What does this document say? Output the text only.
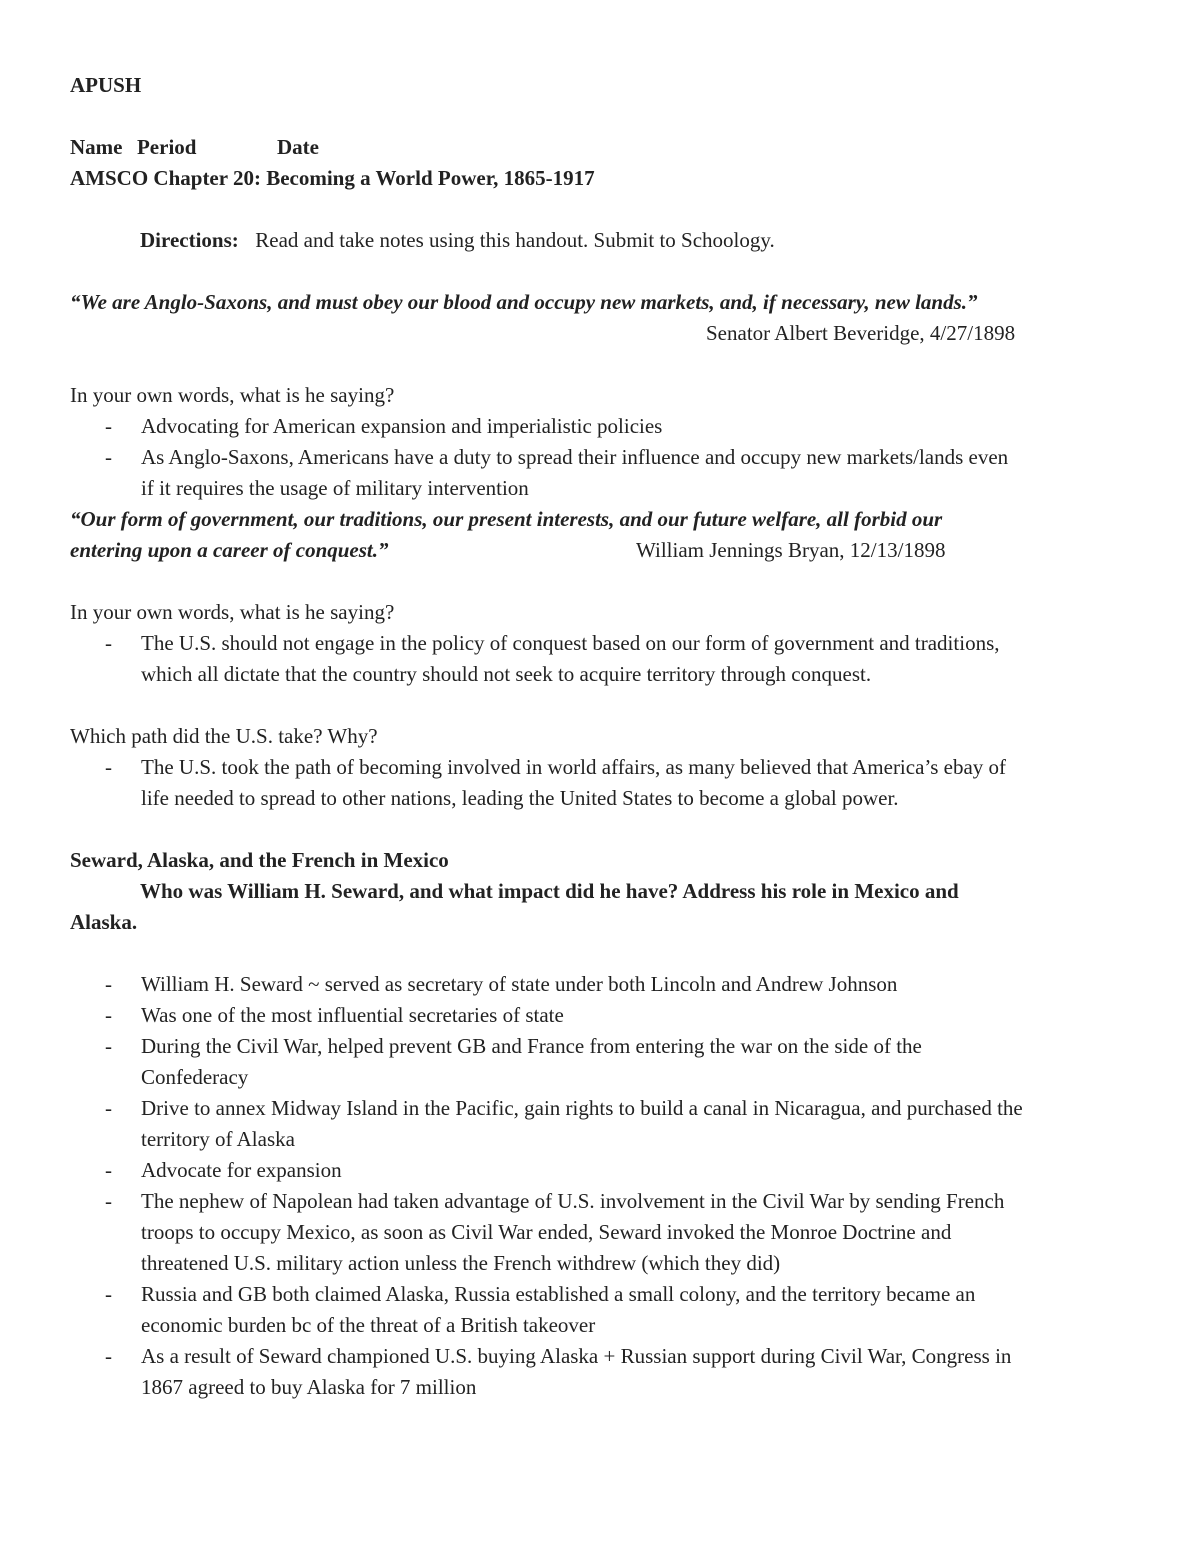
APUSH
Name Period	Date
AMSCO Chapter 20: Becoming a World Power, 1865-1917
Directions: Read and take notes using this handout. Submit to Schoology.
“We are Anglo-Saxons, and must obey our blood and occupy new markets, and, if necessary, new lands.”
Senator Albert Beveridge, 4/27/1898
In your own words, what is he saying?
-	Advocating for American expansion and imperialistic policies
-	As Anglo-Saxons, Americans have a duty to spread their influence and occupy new markets/lands even
if it requires the usage of military intervention
“Our form of government, our traditions, our present interests, and our future welfare, all forbid our
entering upon a career of conquest.”	William Jennings Bryan, 12/13/1898
In your own words, what is he saying?
-	The U.S. should not engage in the policy of conquest based on our form of government and traditions,
which all dictate that the country should not seek to acquire territory through conquest.
Which path did the U.S. take? Why?
-	The U.S. took the path of becoming involved in world affairs, as many believed that America’s ebay of
life needed to spread to other nations, leading the United States to become a global power.
Seward, Alaska, and the French in Mexico
Who was William H. Seward, and what impact did he have? Address his role in Mexico and
Alaska.
-	William H. Seward ~ served as secretary of state under both Lincoln and Andrew Johnson
-	Was one of the most influential secretaries of state
-	During the Civil War, helped prevent GB and France from entering the war on the side of the
Confederacy
-	Drive to annex Midway Island in the Pacific, gain rights to build a canal in Nicaragua, and purchased the
territory of Alaska
-	Advocate for expansion
-	The nephew of Napolean had taken advantage of U.S. involvement in the Civil War by sending French
troops to occupy Mexico, as soon as Civil War ended, Seward invoked the Monroe Doctrine and
threatened U.S. military action unless the French withdrew (which they did)
-	Russia and GB both claimed Alaska, Russia established a small colony, and the territory became an
economic burden bc of the threat of a British takeover
-	As a result of Seward championed U.S. buying Alaska + Russian support during Civil War, Congress in
1867 agreed to buy Alaska for 7 million
